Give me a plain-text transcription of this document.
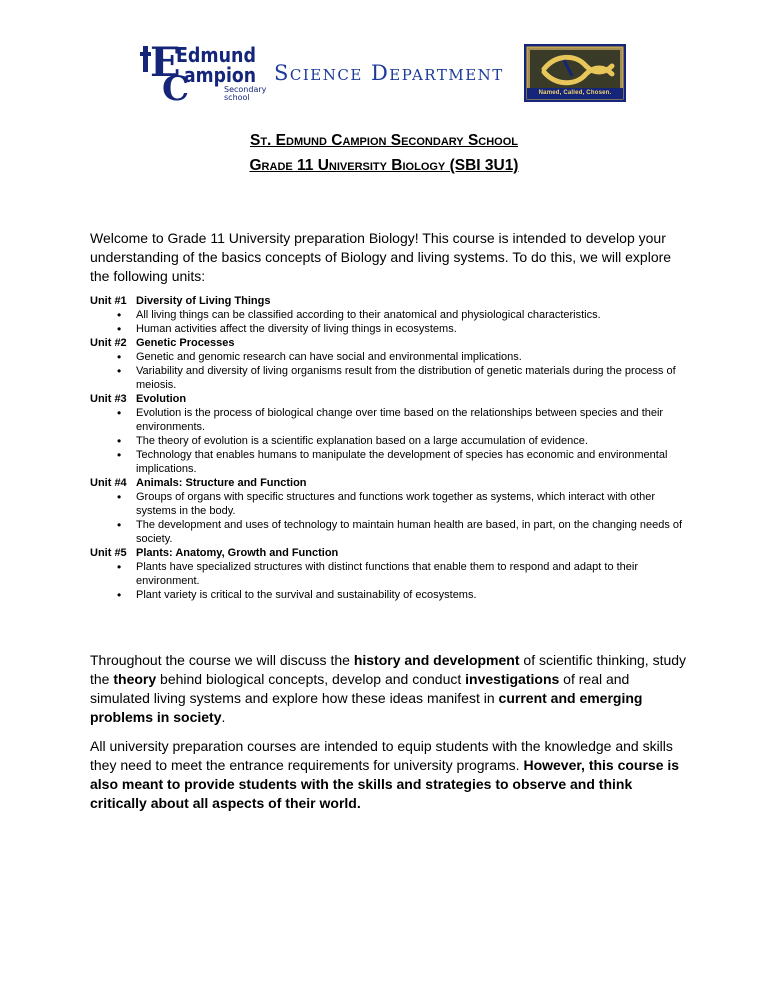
E
Edmund
C
ampion
Secondary
school
Science Department
Named, Called, Chosen.
St. Edmund Campion Secondary School
Grade 11 University Biology (SBI 3U1)
Welcome to Grade 11 University preparation Biology! This course is intended to develop your understanding of the basics concepts of Biology and living systems. To do this, we will explore the following units:
Unit #1 Diversity of Living Things
• All living things can be classified according to their anatomical and physiological characteristics.
• Human activities affect the diversity of living things in ecosystems.
Unit #2 Genetic Processes
• Genetic and genomic research can have social and environmental implications.
• Variability and diversity of living organisms result from the distribution of genetic materials during the process of meiosis.
Unit #3 Evolution
• Evolution is the process of biological change over time based on the relationships between species and their environments.
• The theory of evolution is a scientific explanation based on a large accumulation of evidence.
• Technology that enables humans to manipulate the development of species has economic and environmental implications.
Unit #4 Animals: Structure and Function
• Groups of organs with specific structures and functions work together as systems, which interact with other systems in the body.
• The development and uses of technology to maintain human health are based, in part, on the changing needs of society.
Unit #5 Plants: Anatomy, Growth and Function
• Plants have specialized structures with distinct functions that enable them to respond and adapt to their environment.
• Plant variety is critical to the survival and sustainability of ecosystems.
Throughout the course we will discuss the history and development of scientific thinking, study the theory behind biological concepts, develop and conduct investigations of real and simulated living systems and explore how these ideas manifest in current and emerging problems in society.
All university preparation courses are intended to equip students with the knowledge and skills they need to meet the entrance requirements for university programs. However, this course is also meant to provide students with the skills and strategies to observe and think critically about all aspects of their world.
